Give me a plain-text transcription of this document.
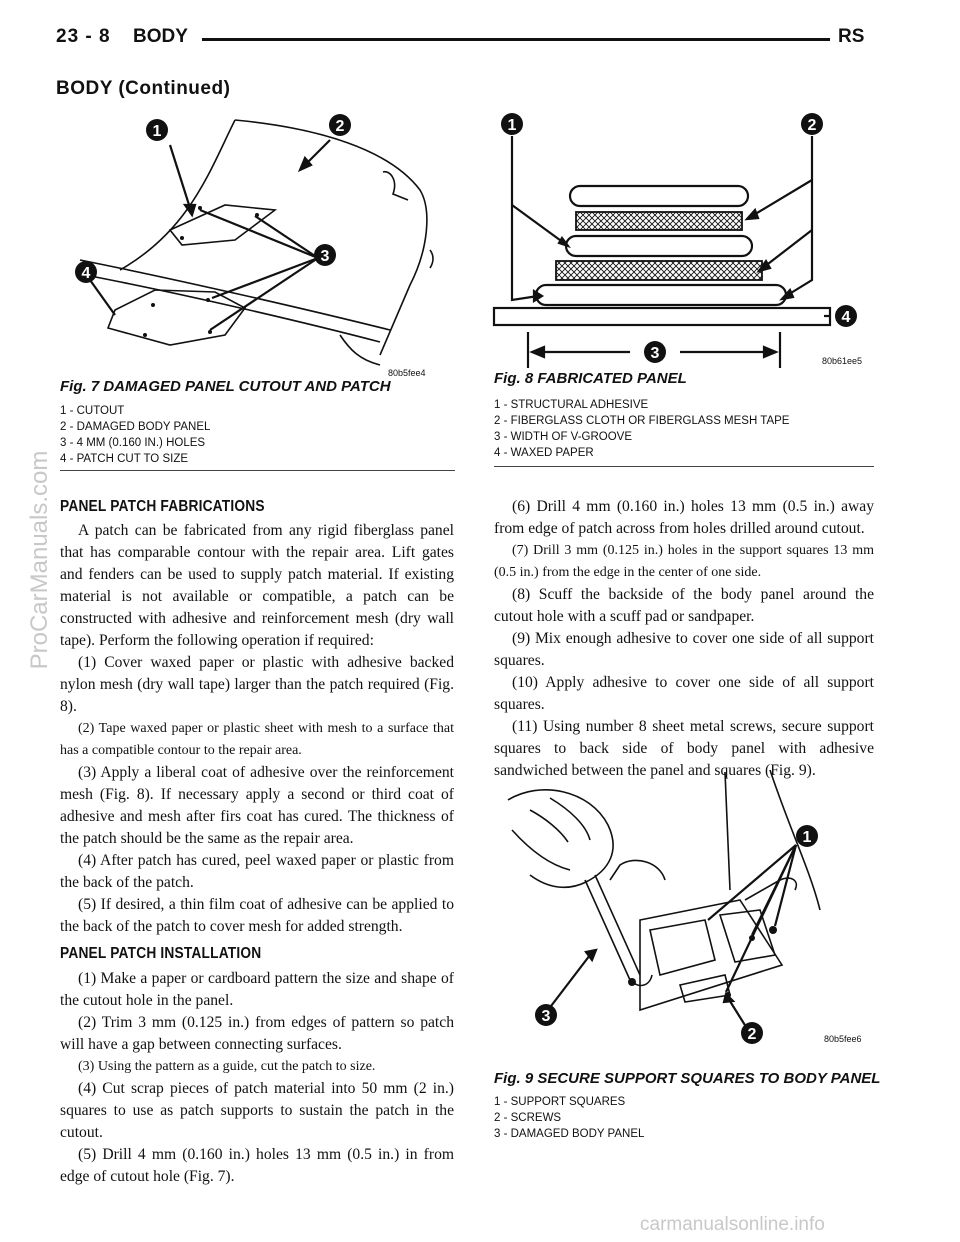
23 - 8 BODY	RS
BODY (Continued)
ProCarManuals.com
carmanualsonline.info
1	2
3
4
80b5fee4
Fig. 7 DAMAGED PANEL CUTOUT AND PATCH
1 - CUTOUT
2 - DAMAGED BODY PANEL
3 - 4 MM (0.160 IN.) HOLES
4 - PATCH CUT TO SIZE
1	2
3
4
80b61ee5
Fig. 8 FABRICATED PANEL
1 - STRUCTURAL ADHESIVE
2 - FIBERGLASS CLOTH OR FIBERGLASS MESH TAPE
3 - WIDTH OF V-GROOVE
4 - WAXED PAPER
PANEL PATCH FABRICATIONS

A patch can be fabricated from any rigid fiberglass panel that has comparable contour with the repair area. Lift gates and fenders can be used to supply patch material. If existing material is not available or compatible, a patch can be constructed with adhesive and reinforcement mesh (dry wall tape). Perform the following operation if required:

(1) Cover waxed paper or plastic with adhesive backed nylon mesh (dry wall tape) larger than the patch required (Fig. 8).

(2) Tape waxed paper or plastic sheet with mesh to a surface that has a compatible contour to the repair area.

(3) Apply a liberal coat of adhesive over the reinforcement mesh (Fig. 8). If necessary apply a second or third coat of adhesive and mesh after firs coat has cured. The thickness of the patch should be the same as the repair area.

(4) After patch has cured, peel waxed paper or plastic from the back of the patch.

(5) If desired, a thin film coat of adhesive can be applied to the back of the patch to cover mesh for added strength.

PANEL PATCH INSTALLATION

(1) Make a paper or cardboard pattern the size and shape of the cutout hole in the panel.

(2) Trim 3 mm (0.125 in.) from edges of pattern so patch will have a gap between connecting surfaces.

(3) Using the pattern as a guide, cut the patch to size.

(4) Cut scrap pieces of patch material into 50 mm (2 in.) squares to use as patch supports to sustain the patch in the cutout.

(5) Drill 4 mm (0.160 in.) holes 13 mm (0.5 in.) in from edge of cutout hole (Fig. 7).

(6) Drill 4 mm (0.160 in.) holes 13 mm (0.5 in.) away from edge of patch across from holes drilled around cutout.

(7) Drill 3 mm (0.125 in.) holes in the support squares 13 mm (0.5 in.) from the edge in the center of one side.

(8) Scuff the backside of the body panel around the cutout hole with a scuff pad or sandpaper.

(9) Mix enough adhesive to cover one side of all support squares.

(10) Apply adhesive to cover one side of all support squares.

(11) Using number 8 sheet metal screws, secure support squares to back side of body panel with adhesive sandwiched between the panel and squares (Fig. 9).

1
2
3
80b5fee6
Fig. 9 SECURE SUPPORT SQUARES TO BODY PANEL
1 - SUPPORT SQUARES
2 - SCREWS
3 - DAMAGED BODY PANEL
